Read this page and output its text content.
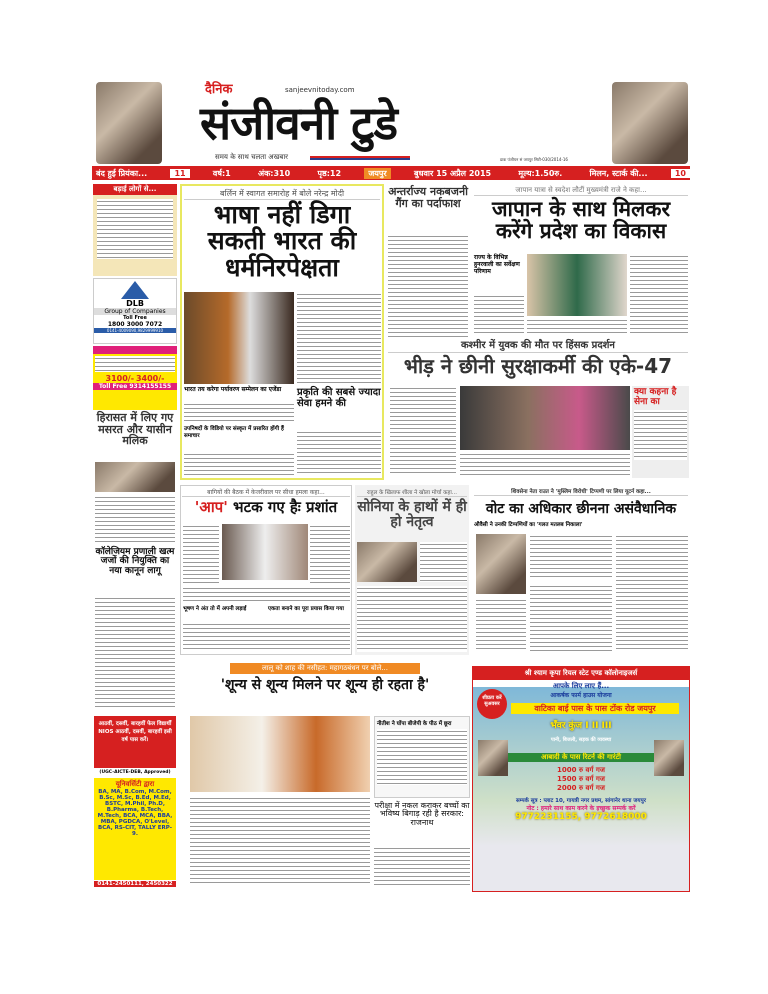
दैनिक	sanjeevnitoday.com
संजीवनी टुडे
समय के साथ चलता अखबार	डाक पंजीयन सं जयपुर सिटी-030/2014-16
बंद हुई प्रियंका...	11	वर्ष:1	अंक:310	पृष्ठ:12	जयपुर	बुधवार 15 अप्रैल 2015	मूल्य:1.50रु.	मिलन, स्टार्क की...	10
बड़ाई लोगों से...
DLB
Group of Companies
Toll Free
1800 3000 7072
0141-4009090,9829999910
3100/- 3400/-
Toll Free 9314155155
हिरासत में लिए गए मसरत और यासीन मलिक
कॉलेजियम प्रणाली खत्म जजों की नियुक्ति का नया कानून लागू
आठवीं, दसवीं, बारहवीं फेल विद्यार्थी NIOS आठवीं, दसवीं, बारहवीं इसी वर्ष पास करें।
(UGC-AICTE-DEB, Approved)
यूनिवर्सिटी द्वारा
BA, MA, B.Com, M.Com, B.Sc, M.Sc, B.Ed, M.Ed, BSTC, M.Phil, Ph.D, B.Pharma, B.Tech, M.Tech, BCA, MCA, BBA, MBA, PGDCA, O'Level, BCA, RS-CIT, TALLY ERP-9.
0141-2450111, 2450322
बर्लिन में स्वागत समारोह में बोले नरेन्द्र मोदी
भाषा नहीं डिगा सकती भारत की धर्मनिरपेक्षता
भारत तय करेगा पर्यावरण सम्मेलन का एजेंडा
उपनिषदों के विडियो पर संस्कृत में प्रसारित होंगी हैं समाचार
प्रकृति की सबसे ज्यादा सेवा हमने की
अन्तर्राज्य नकबजनी गैंग का पर्दाफाश
जापान यात्रा से स्वदेश लौटीं मुख्यमंत्री राजे ने कहा...
जापान के साथ मिलकर करेंगे प्रदेश का विकास
राज्य के विभिन्न हुनरवाली का सर्वेक्षण परिणाम
कश्मीर में युवक की मौत पर हिंसक प्रदर्शन
भीड़ ने छीनी सुरक्षाकर्मी की एके-47
क्या कहना है सेना का
बागियों की बैठक में केजरीवाल पर सीधा हमला कहा...
'आप' भटक गए हैः प्रशांत
भूषण ने अंत तो में अपनी लड़ाई	एकता बनाने का पूरा प्रयास किया गया
राहुल के खिलाफ शीला ने खोला मोर्चा कहा...
सोनिया के हाथों में ही हो नेतृत्व
शिवसेना नेता राउत ने 'मुस्लिम विरोधी' टिप्पणी पर लिया यूटर्न कहा...
वोट का अधिकार छीनना असंवैधानिक
औवैसी ने उनकी टिप्पणियों का 'गलत मतलब निकाला'
लालू को शाह की नसीहत: महागठबंधन पर बोले...
'शून्य से शून्य मिलने पर शून्य ही रहता है'
नीतीश ने घोंपा बीजेपी के पीठ में छूरा
परीक्षा में नकल कराकर बच्चों का भविष्य बिगाड़ रही है सरकार: राजनाथ
श्री श्याम कृपा रियल स्टेट एण्ड कॉलोनाइजर्स
शीघ्रता करें सुअवसर
आपके लिए लाए हैं...
आकर्षक फार्म हाउस योजना
वाटिका बाई पास के पास टोंक रोड जयपुर
भँवर कुंज I II III
पानी, बिजली, सड़क की व्यवस्था
आबादी के पास रिटर्न की गारंटी
1000 रु वर्ग गज
1500 रु वर्ग गज
2000 रु वर्ग गज
सम्पर्क सूत्र : प्लाट 10, गायत्री नगर प्रथम, सांगानेर थाना जयपुर
नोट : हमारे साथ काम करने के इच्छुक सम्पर्क करें
9772231155, 9772618000
